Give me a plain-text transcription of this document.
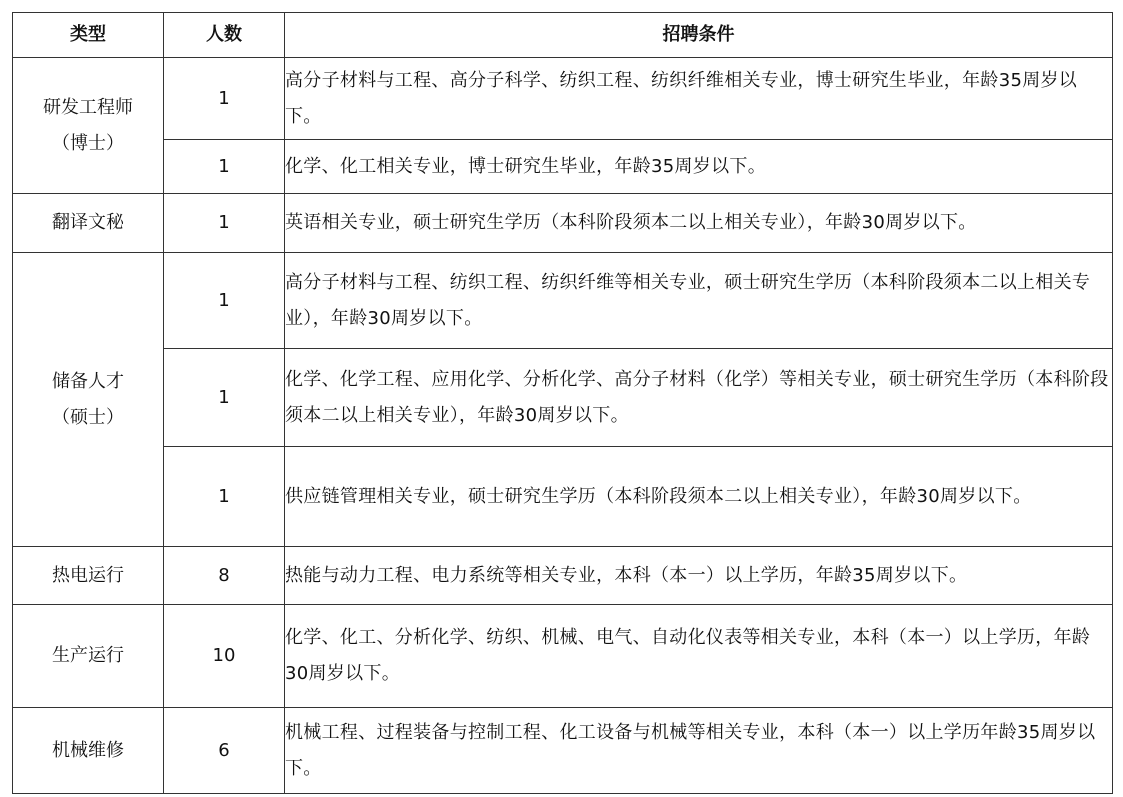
类型	人数	招聘条件

研发工程师
（博士）	1	高分子材料与工程、高分子科学、纺织工程、纺织纤维相关专业，博士研究生毕业，年龄35周岁以下。
	1	化学、化工相关专业，博士研究生毕业，年龄35周岁以下。

翻译文秘	1	英语相关专业，硕士研究生学历（本科阶段须本二以上相关专业），年龄30周岁以下。

储备人才
（硕士）	1	高分子材料与工程、纺织工程、纺织纤维等相关专业，硕士研究生学历（本科阶段须本二以上相关专业），年龄30周岁以下。
	1	化学、化学工程、应用化学、分析化学、高分子材料（化学）等相关专业，硕士研究生学历（本科阶段须本二以上相关专业），年龄30周岁以下。
	1	供应链管理相关专业，硕士研究生学历（本科阶段须本二以上相关专业），年龄30周岁以下。

热电运行	8	热能与动力工程、电力系统等相关专业，本科（本一）以上学历，年龄35周岁以下。

生产运行	10	化学、化工、分析化学、纺织、机械、电气、自动化仪表等相关专业，本科（本一）以上学历，年龄30周岁以下。

机械维修	6	机械工程、过程装备与控制工程、化工设备与机械等相关专业，本科（本一）以上学历年龄35周岁以下。
